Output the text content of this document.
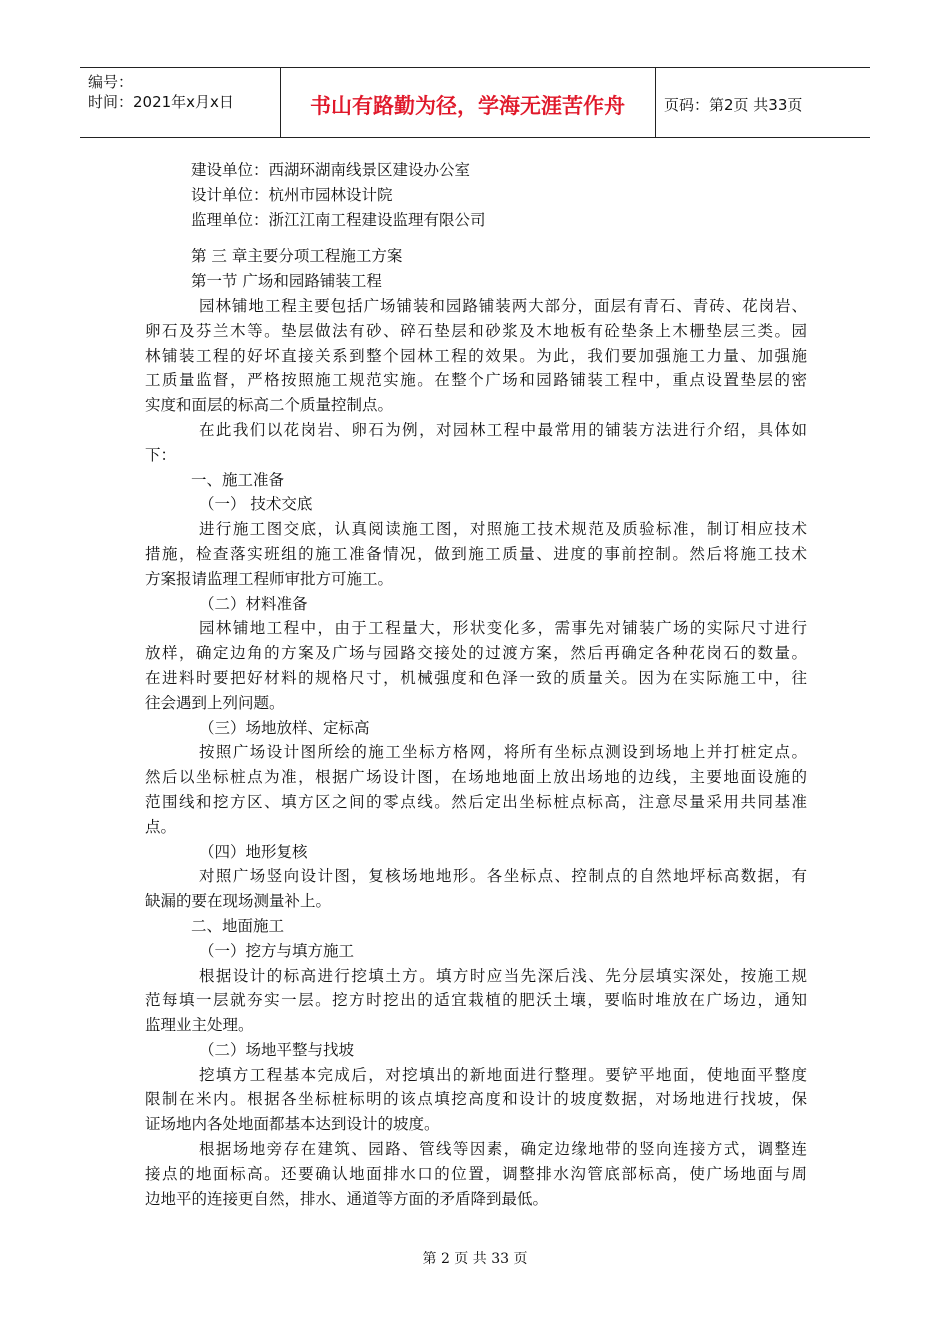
编号：
时间：2021年x月x日	书山有路勤为径，学海无涯苦作舟	页码：第2页 共33页
建设单位：西湖环湖南线景区建设办公室
设计单位：杭州市园林设计院
监理单位：浙江江南工程建设监理有限公司
第 三 章主要分项工程施工方案
第一节 广场和园路铺装工程
园林铺地工程主要包括广场铺装和园路铺装两大部分，面层有青石、青砖、花岗岩、
卵石及芬兰木等。垫层做法有砂、碎石垫层和砂浆及木地板有砼垫条上木栅垫层三类。园
林铺装工程的好坏直接关系到整个园林工程的效果。为此，我们要加强施工力量、加强施
工质量监督，严格按照施工规范实施。在整个广场和园路铺装工程中，重点设置垫层的密
实度和面层的标高二个质量控制点。
在此我们以花岗岩、卵石为例，对园林工程中最常用的铺装方法进行介绍，具体如
下：
一、施工准备
（一） 技术交底
进行施工图交底，认真阅读施工图，对照施工技术规范及质验标准，制订相应技术
措施，检查落实班组的施工准备情况，做到施工质量、进度的事前控制。然后将施工技术
方案报请监理工程师审批方可施工。
（二）材料准备
园林铺地工程中，由于工程量大，形状变化多，需事先对铺装广场的实际尺寸进行
放样，确定边角的方案及广场与园路交接处的过渡方案，然后再确定各种花岗石的数量。
在进料时要把好材料的规格尺寸，机械强度和色泽一致的质量关。因为在实际施工中，往
往会遇到上列问题。
（三）场地放样、定标高
按照广场设计图所绘的施工坐标方格网，将所有坐标点测设到场地上并打桩定点。
然后以坐标桩点为准，根据广场设计图，在场地地面上放出场地的边线，主要地面设施的
范围线和挖方区、填方区之间的零点线。然后定出坐标桩点标高，注意尽量采用共同基准
点。
（四）地形复核
对照广场竖向设计图，复核场地地形。各坐标点、控制点的自然地坪标高数据，有
缺漏的要在现场测量补上。
二、地面施工
（一）挖方与填方施工
根据设计的标高进行挖填土方。填方时应当先深后浅、先分层填实深处，按施工规
范每填一层就夯实一层。挖方时挖出的适宜栽植的肥沃土壤，要临时堆放在广场边，通知
监理业主处理。
（二）场地平整与找坡
挖填方工程基本完成后，对挖填出的新地面进行整理。要铲平地面，使地面平整度
限制在米内。根据各坐标桩标明的该点填挖高度和设计的坡度数据，对场地进行找坡，保
证场地内各处地面都基本达到设计的坡度。
根据场地旁存在建筑、园路、管线等因素，确定边缘地带的竖向连接方式，调整连
接点的地面标高。还要确认地面排水口的位置，调整排水沟管底部标高，使广场地面与周
边地平的连接更自然，排水、通道等方面的矛盾降到最低。
第 2 页 共 33 页
